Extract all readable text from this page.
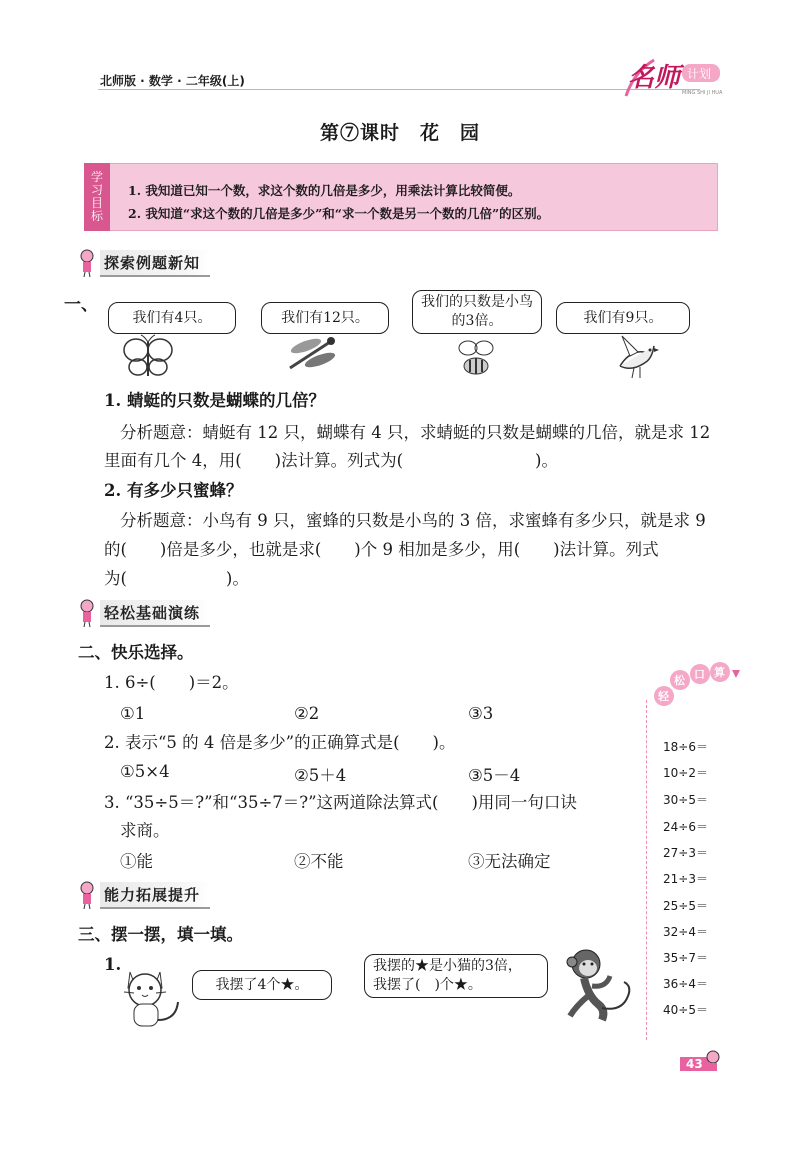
北师版 · 数学 · 二年级(上)	名师 计划
MING SHI JI HUA
第⑦课时　花　园
学
习
目
标
1. 我知道已知一个数，求这个数的几倍是多少，用乘法计算比较简便。
2. 我知道“求这个数的几倍是多少”和“求一个数是另一个数的几倍”的区别。
探索例题新知
一、
我们有4只。	我们有12只。
我们的只数是小鸟的3倍。	我们有9只。
1. 蜻蜓的只数是蝴蝶的几倍？
分析题意：蜻蜓有 12 只，蝴蝶有 4 只，求蜻蜓的只数是蝴蝶的几倍，就是求 12
里面有几个 4，用(　　)法计算。列式为(　　　　　　　　)。
2. 有多少只蜜蜂？
分析题意：小鸟有 9 只，蜜蜂的只数是小鸟的 3 倍，求蜜蜂有多少只，就是求 9
的(　　)倍是多少，也就是求(　　)个 9 相加是多少，用(　　)法计算。列式
为(　　　　　　)。
轻松基础演练
二、快乐选择。
1. 6÷(　　)＝2。
①1	②2	③3
2. 表示“5 的 4 倍是多少”的正确算式是(　　)。
①5×4	②5＋4	③5－4
3. “35÷5＝?”和“35÷7＝?”这两道除法算式(　　)用同一句口诀
求商。
①能	②不能	③无法确定
能力拓展提升
三、摆一摆，填一填。
1.
我摆了4个★。
我摆的★是小猫的3倍，
我摆了(　)个★。
轻
松 口 算
18÷6＝
10÷2＝
30÷5＝
24÷6＝
27÷3＝
21÷3＝
25÷5＝
32÷4＝
35÷7＝
36÷4＝
40÷5＝
43
